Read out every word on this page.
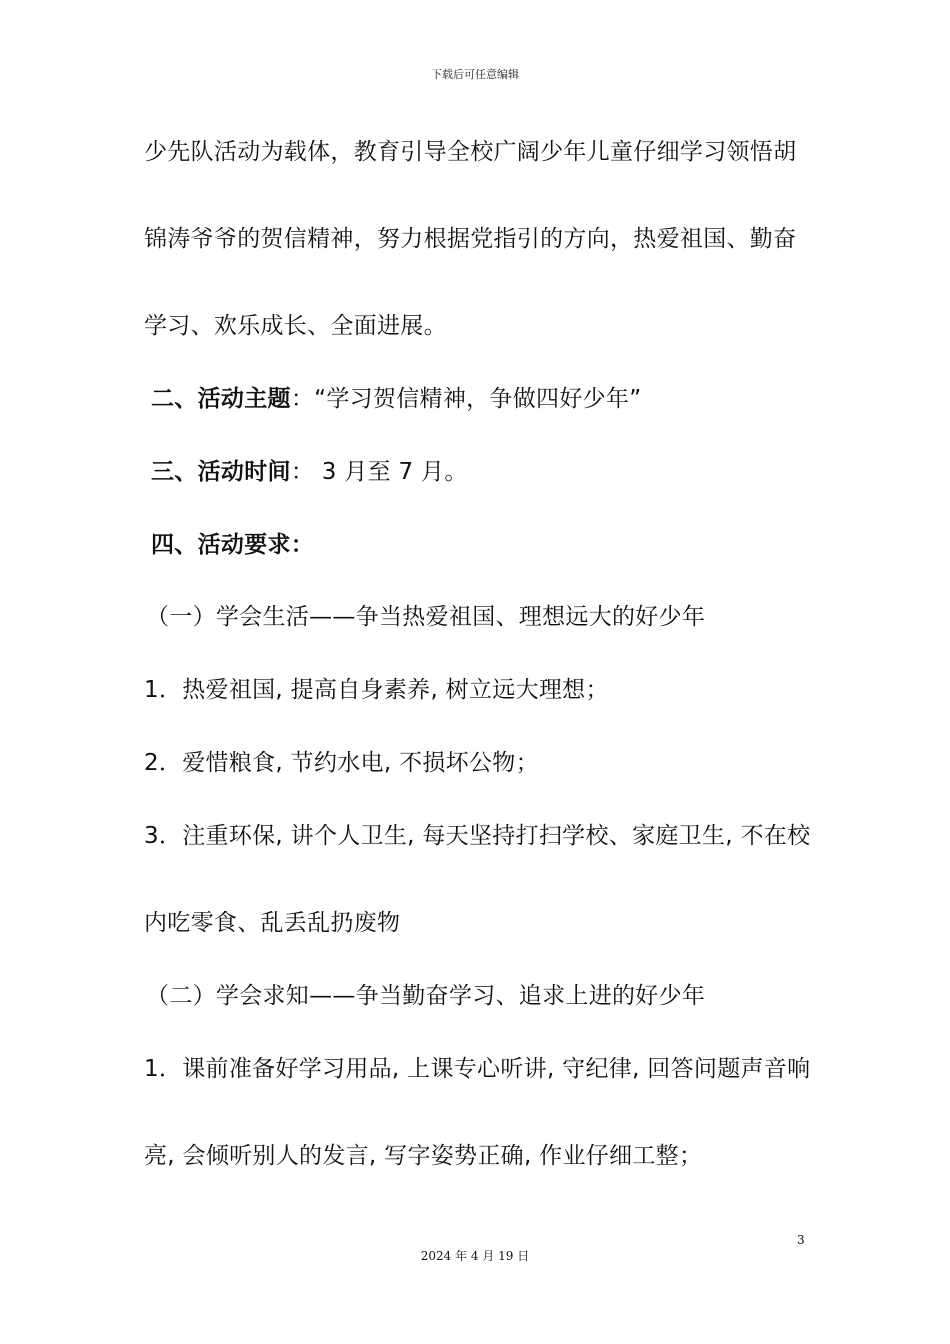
下载后可任意编辑
少先队活动为载体，教育引导全校广阔少年儿童仔细学习领悟胡
锦涛爷爷的贺信精神，努力根据党指引的方向，热爱祖国、勤奋
学习、欢乐成长、全面进展。
二、活动主题：“学习贺信精神，争做四好少年”
三、活动时间： 3 月至 7 月。
四、活动要求：
（一）学会生活——争当热爱祖国、理想远大的好少年
1．热爱祖国, 提高自身素养, 树立远大理想；
2．爱惜粮食, 节约水电, 不损坏公物；
3．注重环保, 讲个人卫生, 每天坚持打扫学校、家庭卫生, 不在校
内吃零食、乱丢乱扔废物
（二）学会求知——争当勤奋学习、追求上进的好少年
1．课前准备好学习用品, 上课专心听讲, 守纪律, 回答问题声音响
亮, 会倾听别人的发言, 写字姿势正确, 作业仔细工整；
3
2024 年 4 月 19 日
